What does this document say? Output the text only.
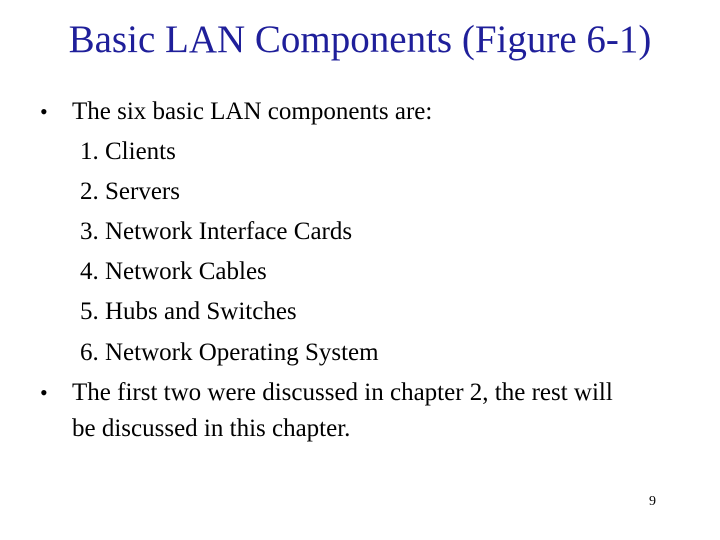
Basic LAN Components (Figure 6-1)
• The six basic LAN components are:
1. Clients
2. Servers
3. Network Interface Cards
4. Network Cables
5. Hubs and Switches
6. Network Operating System
• The first two were discussed in chapter 2, the rest will
be discussed in this chapter.
9
